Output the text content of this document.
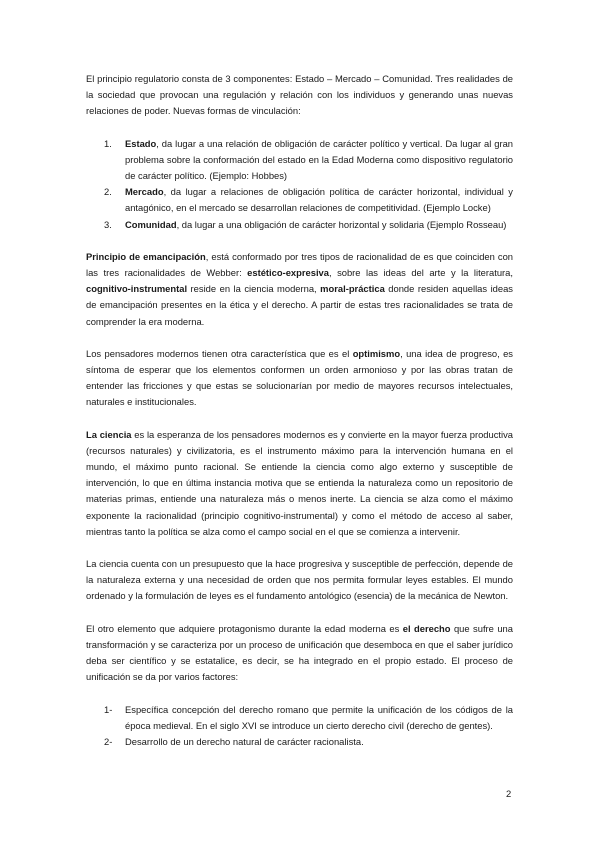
El principio regulatorio consta de 3 componentes: Estado – Mercado – Comunidad. Tres realidades de la sociedad que provocan una regulación y relación con los individuos y generando unas nuevas relaciones de poder. Nuevas formas de vinculación:

1.	Estado, da lugar a una relación de obligación de carácter político y vertical. Da lugar al gran problema sobre la conformación del estado en la Edad Moderna como dispositivo regulatorio de carácter político. (Ejemplo: Hobbes)
2.	Mercado, da lugar a relaciones de obligación política de carácter horizontal, individual y antagónico, en el mercado se desarrollan relaciones de competitividad. (Ejemplo Locke)
3.	Comunidad, da lugar a una obligación de carácter horizontal y solidaria (Ejemplo Rosseau)

Principio de emancipación, está conformado por tres tipos de racionalidad de es que coinciden con las tres racionalidades de Webber: estético-expresiva, sobre las ideas del arte y la literatura, cognitivo-instrumental reside en la ciencia moderna, moral-práctica donde residen aquellas ideas de emancipación presentes en la ética y el derecho. A partir de estas tres racionalidades se trata de comprender la era moderna.

Los pensadores modernos tienen otra característica que es el optimismo, una idea de progreso, es síntoma de esperar que los elementos conformen un orden armonioso y por las obras tratan de entender las fricciones y que estas se solucionarían por medio de mayores recursos intelectuales, naturales e institucionales.

La ciencia es la esperanza de los pensadores modernos es y convierte en la mayor fuerza productiva (recursos naturales) y civilizatoria, es el instrumento máximo para la intervención humana en el mundo, el máximo punto racional. Se entiende la ciencia como algo externo y susceptible de intervención, lo que en última instancia motiva que se entienda la naturaleza como un repositorio de materias primas, entiende una naturaleza más o menos inerte. La ciencia se alza como el máximo exponente la racionalidad (principio cognitivo-instrumental) y como el método de acceso al saber, mientras tanto la política se alza como el campo social en el que se comienza a intervenir.

La ciencia cuenta con un presupuesto que la hace progresiva y susceptible de perfección, depende de la naturaleza externa y una necesidad de orden que nos permita formular leyes estables. El mundo ordenado y la formulación de leyes es el fundamento antológico (esencia) de la mecánica de Newton.

El otro elemento que adquiere protagonismo durante la edad moderna es el derecho que sufre una transformación y se caracteriza por un proceso de unificación que desemboca en que el saber jurídico deba ser científico y se estatalice, es decir, se ha integrado en el propio estado. El proceso de unificación se da por varios factores:

1-	Específica concepción del derecho romano que permite la unificación de los códigos de la época medieval. En el siglo XVI se introduce un cierto derecho civil (derecho de gentes).
2-	Desarrollo de un derecho natural de carácter racionalista.
2
